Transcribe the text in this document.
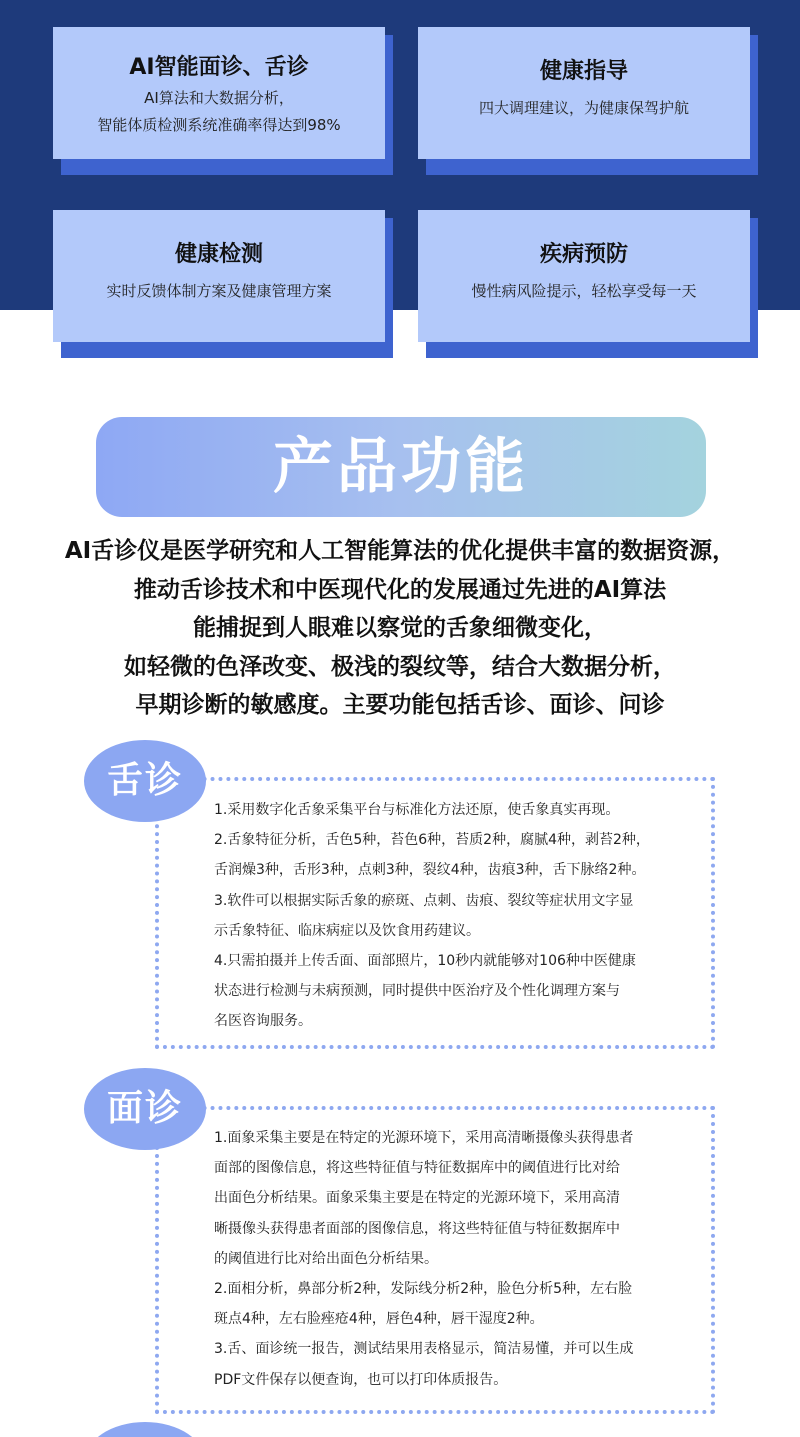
AI智能面诊、舌诊
AI算法和大数据分析，
智能体质检测系统准确率得达到98%
健康指导
四大调理建议，为健康保驾护航
健康检测
实时反馈体制方案及健康管理方案
疾病预防
慢性病风险提示，轻松享受每一天
产品功能
AI舌诊仪是医学研究和人工智能算法的优化提供丰富的数据资源，
推动舌诊技术和中医现代化的发展通过先进的AI算法
能捕捉到人眼难以察觉的舌象细微变化，
如轻微的色泽改变、极浅的裂纹等，结合大数据分析，
早期诊断的敏感度。主要功能包括舌诊、面诊、问诊
舌诊
1.采用数字化舌象采集平台与标准化方法还原，使舌象真实再现。
2.舌象特征分析，舌色5种，苔色6种，苔质2种，腐腻4种，剥苔2种，
舌润燥3种，舌形3种，点刺3种，裂纹4种，齿痕3种，舌下脉络2种。
3.软件可以根据实际舌象的瘀斑、点刺、齿痕、裂纹等症状用文字显
示舌象特征、临床病症以及饮食用药建议。
4.只需拍摄并上传舌面、面部照片，10秒内就能够对106种中医健康
状态进行检测与未病预测，同时提供中医治疗及个性化调理方案与
名医咨询服务。
面诊
1.面象采集主要是在特定的光源环境下，采用高清晰摄像头获得患者
面部的图像信息，将这些特征值与特征数据库中的阈值进行比对给
出面色分析结果。面象采集主要是在特定的光源环境下，采用高清
晰摄像头获得患者面部的图像信息，将这些特征值与特征数据库中
的阈值进行比对给出面色分析结果。
2.面相分析，鼻部分析2种，发际线分析2种，脸色分析5种，左右脸
斑点4种，左右脸痤疮4种，唇色4种，唇干湿度2种。
3.舌、面诊统一报告，测试结果用表格显示，简洁易懂，并可以生成
PDF文件保存以便查询，也可以打印体质报告。
